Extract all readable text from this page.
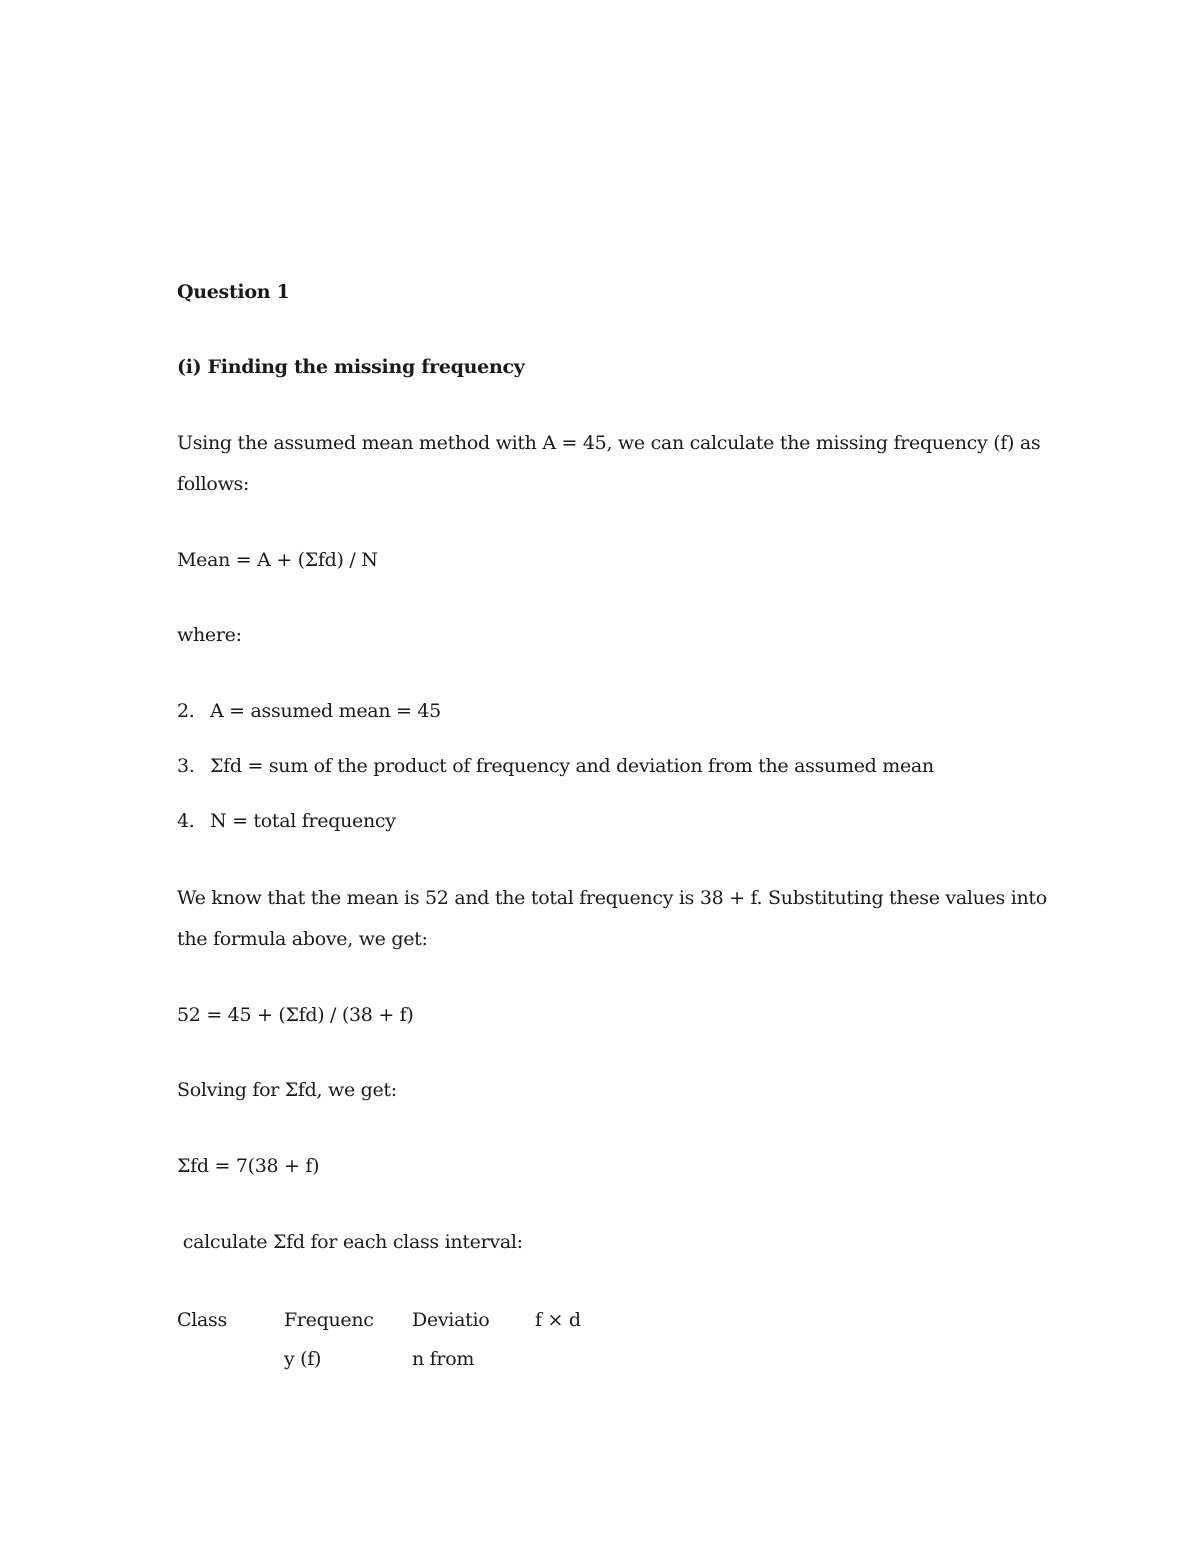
Question 1
(i) Finding the missing frequency
Using the assumed mean method with A = 45, we can calculate the missing frequency (f) as
follows:
Mean = A + (Σfd) / N
where:
2. A = assumed mean = 45
3. Σfd = sum of the product of frequency and deviation from the assumed mean
4. N = total frequency
We know that the mean is 52 and the total frequency is 38 + f. Substituting these values into
the formula above, we get:
52 = 45 + (Σfd) / (38 + f)
Solving for Σfd, we get:
Σfd = 7(38 + f)
calculate Σfd for each class interval:
Class	Frequenc
y (f)
Deviatio
n from
f × d
